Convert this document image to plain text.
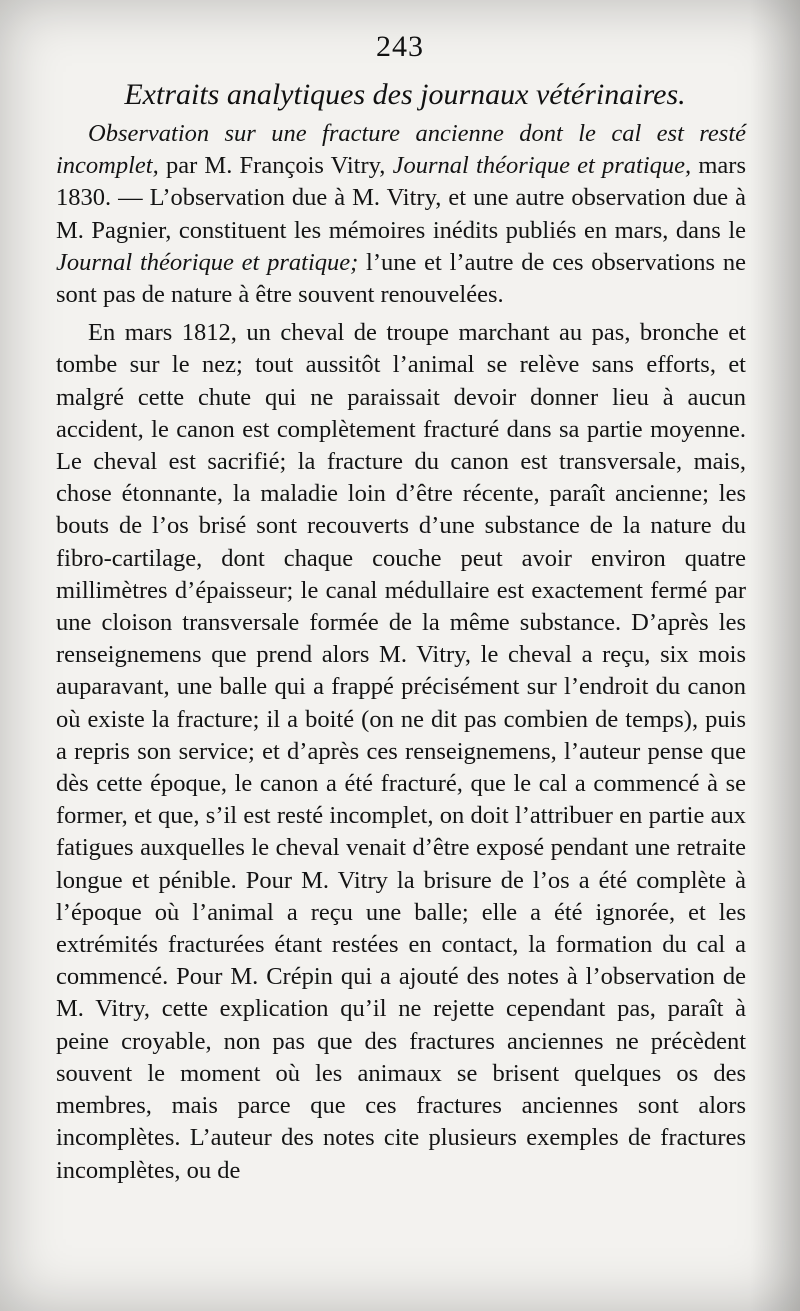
243
Extraits analytiques des journaux vétérinaires.

Observation sur une fracture ancienne dont le cal est resté incomplet, par M. François Vitry, Journal théorique et pratique, mars 1830. — L’observation due à M. Vitry, et une autre observation due à M. Pagnier, constituent les mémoires inédits publiés en mars, dans le Journal théorique et pratique; l’une et l’autre de ces observations ne sont pas de nature à être souvent renouvelées.

En mars 1812, un cheval de troupe marchant au pas, bronche et tombe sur le nez; tout aussitôt l’animal se relève sans efforts, et malgré cette chute qui ne paraissait devoir donner lieu à aucun accident, le canon est complètement fracturé dans sa partie moyenne. Le cheval est sacrifié; la fracture du canon est transversale, mais, chose étonnante, la maladie loin d’être récente, paraît ancienne; les bouts de l’os brisé sont recouverts d’une substance de la nature du fibro-cartilage, dont chaque couche peut avoir environ quatre millimètres d’épaisseur; le canal médullaire est exactement fermé par une cloison transversale formée de la même substance. D’après les renseignemens que prend alors M. Vitry, le cheval a reçu, six mois auparavant, une balle qui a frappé précisément sur l’endroit du canon où existe la fracture; il a boité (on ne dit pas combien de temps), puis a repris son service; et d’après ces renseignemens, l’auteur pense que dès cette époque, le canon a été fracturé, que le cal a commencé à se former, et que, s’il est resté incomplet, on doit l’attribuer en partie aux fatigues auxquelles le cheval venait d’être exposé pendant une retraite longue et pénible. Pour M. Vitry la brisure de l’os a été complète à l’époque où l’animal a reçu une balle; elle a été ignorée, et les extrémités fracturées étant restées en contact, la formation du cal a commencé. Pour M. Crépin qui a ajouté des notes à l’observation de M. Vitry, cette explication qu’il ne rejette cependant pas, paraît à peine croyable, non pas que des fractures anciennes ne précèdent souvent le moment où les animaux se brisent quelques os des membres, mais parce que ces fractures anciennes sont alors incomplètes. L’auteur des notes cite plusieurs exemples de fractures incomplètes, ou de
